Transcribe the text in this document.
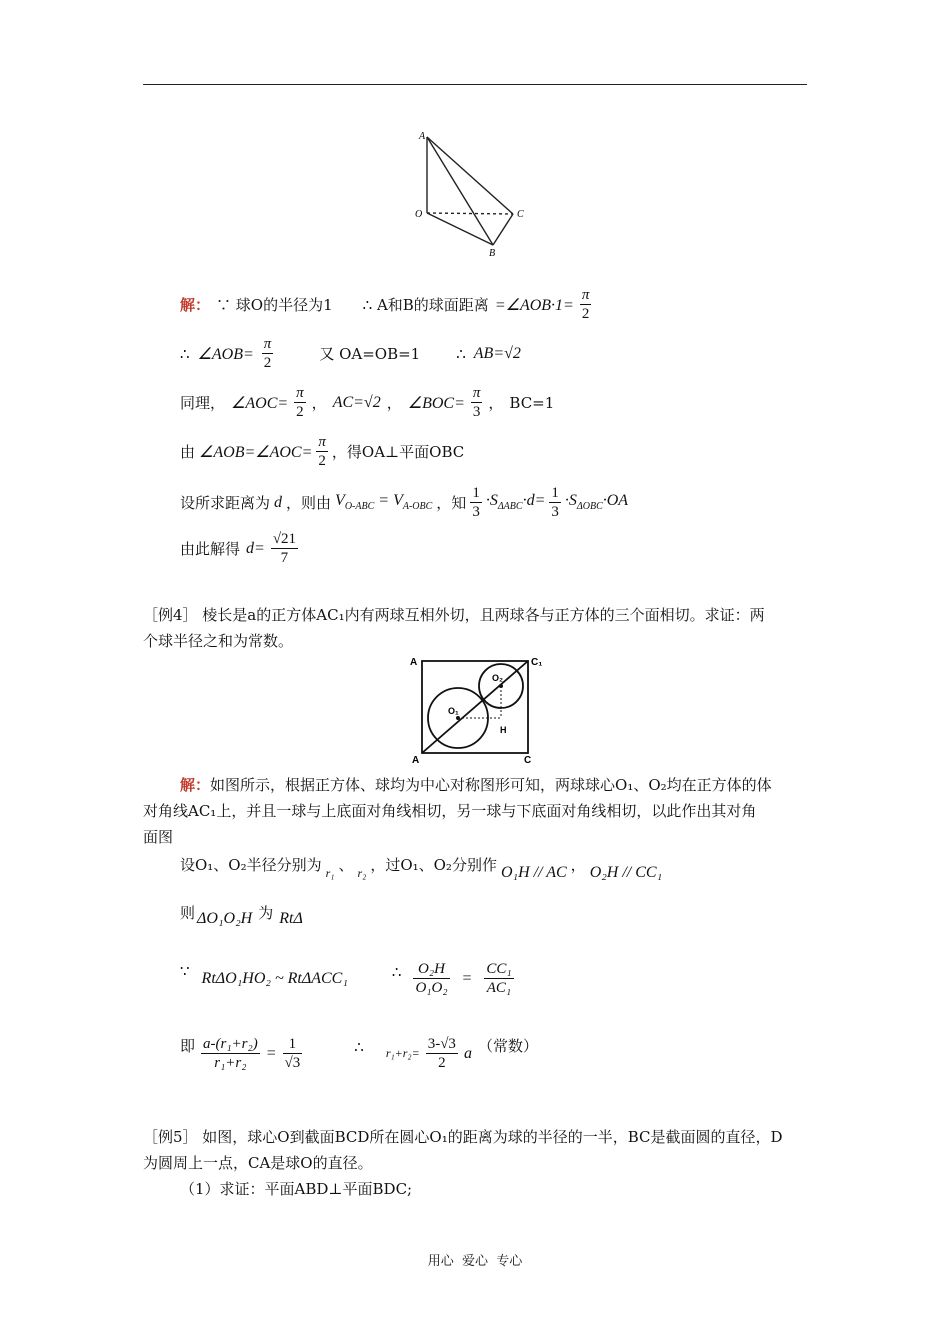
A
O	C
B
解： ∵ 球O的半径为1 ∴ A和B的球面距离 =∠AOB·1= $\frac{\pi}{2}$
∴ ∠AOB= $\frac{\pi}{2}$	又 OA=OB=1 ∴ AB=√2
同理， ∠AOC= $\frac{\pi}{2}$ ， AC=√2 ， ∠BOC= $\frac{\pi}{3}$ ， BC=1
由 ∠AOB=∠AOC= $\frac{\pi}{2}$ ，得OA⊥平面OBC
设所求距离为 d ，则由 $V_{O-ABC} = V_{A-OBC}$ ，知 $\frac{1}{3} \cdot S_{\Delta ABC}\cdot d= \frac{1}{3} \cdot S_{\Delta OBC}\cdot OA$
由此解得 $d= \frac{√21}{7}$
［例4］ 棱长是a的正方体AC₁内有两球互相外切，且两球各与正方体的三个面相切。求证：两
个球半径之和为常数。
A	C₁
O₂
O₁
H
A	C
解：如图所示，根据正方体、球均为中心对称图形可知，两球球心O₁、O₂均在正方体的体
对角线AC₁上，并且一球与上底面对角线相切，另一球与下底面对角线相切，以此作出其对角
面图
设O₁、O₂半径分别为 r₁ 、 r₂ ，过O₁、O₂分别作 O₁H // AC ， O₂H // CC₁
则 ΔO₁O₂H 为 RtΔ
∵ RtΔO₁HO₂ ~ RtΔACC₁	∴ $\frac{\text{O₂H}}{\text{O₁O₂}} = \frac{\text{CC₁}}{\text{AC₁}}$
即 $\frac{\text{a-(r₁+r₂)}}{\text{r₁+r₂}} = \frac{1}{√3}$	∴ $r_1+r_2= \frac{3-√3}{2}$ a （常数）
［例5］ 如图，球心O到截面BCD所在圆心O₁的距离为球的半径的一半，BC是截面圆的直径，D
为圆周上一点，CA是球O的直径。
（1）求证：平面ABD⊥平面BDC;
用心  爱心  专心
